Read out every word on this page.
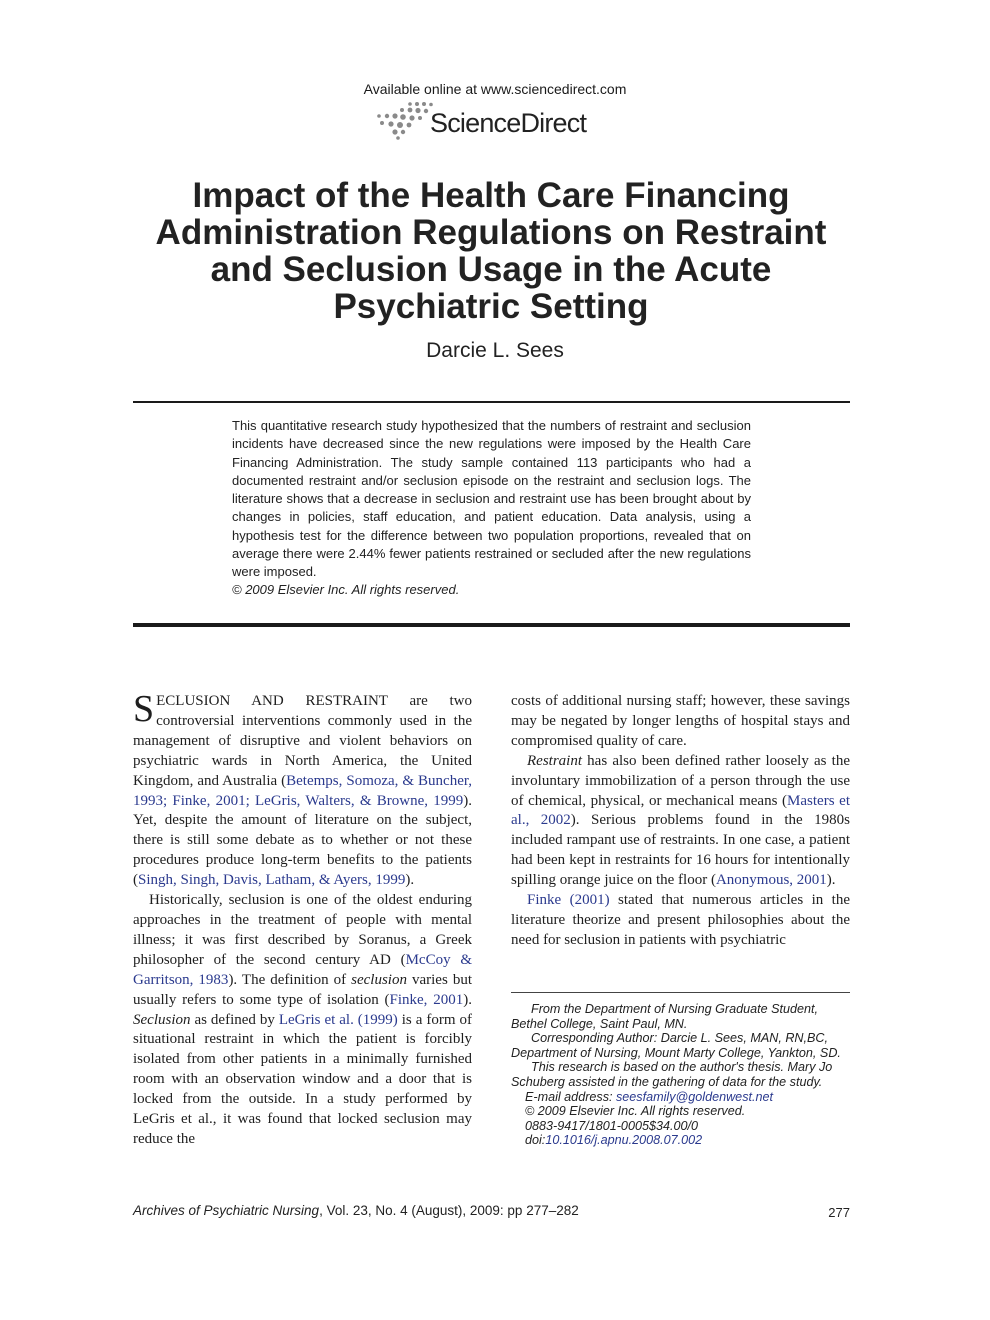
Available online at www.sciencedirect.com
ScienceDirect
Impact of the Health Care Financing Administration Regulations on Restraint and Seclusion Usage in the Acute Psychiatric Setting
Darcie L. Sees

This quantitative research study hypothesized that the numbers of restraint and seclusion incidents have decreased since the new regulations were imposed by the Health Care Financing Administration. The study sample contained 113 participants who had a documented restraint and/or seclusion episode on the restraint and seclusion logs. The literature shows that a decrease in seclusion and restraint use has been brought about by changes in policies, staff education, and patient education. Data analysis, using a hypothesis test for the difference between two population proportions, revealed that on average there were 2.44% fewer patients restrained or secluded after the new regulations were imposed.

© 2009 Elsevier Inc. All rights reserved.

SECLUSION AND RESTRAINT are two controversial interventions commonly used in the management of disruptive and violent behaviors on psychiatric wards in North America, the United Kingdom, and Australia (Betemps, Somoza, & Buncher, 1993; Finke, 2001; LeGris, Walters, & Browne, 1999). Yet, despite the amount of literature on the subject, there is still some debate as to whether or not these procedures produce long-term benefits to the patients (Singh, Singh, Davis, Latham, & Ayers, 1999).

Historically, seclusion is one of the oldest enduring approaches in the treatment of people with mental illness; it was first described by Soranus, a Greek philosopher of the second century AD (McCoy & Garritson, 1983). The definition of seclusion varies but usually refers to some type of isolation (Finke, 2001). Seclusion as defined by LeGris et al. (1999) is a form of situational restraint in which the patient is forcibly isolated from other patients in a minimally furnished room with an observation window and a door that is locked from the outside. In a study performed by LeGris et al., it was found that locked seclusion may reduce the

costs of additional nursing staff; however, these savings may be negated by longer lengths of hospital stays and compromised quality of care.

Restraint has also been defined rather loosely as the involuntary immobilization of a person through the use of chemical, physical, or mechanical means (Masters et al., 2002). Serious problems found in the 1980s included rampant use of restraints. In one case, a patient had been kept in restraints for 16 hours for intentionally spilling orange juice on the floor (Anonymous, 2001).

Finke (2001) stated that numerous articles in the literature theorize and present philosophies about the need for seclusion in patients with psychiatric

From the Department of Nursing Graduate Student, Bethel College, Saint Paul, MN.

Corresponding Author: Darcie L. Sees, MAN, RN,BC, Department of Nursing, Mount Marty College, Yankton, SD.

This research is based on the author's thesis. Mary Jo Schuberg assisted in the gathering of data for the study.

E-mail address: seesfamily@goldenwest.net

© 2009 Elsevier Inc. All rights reserved.

0883-9417/1801-0005$34.00/0

doi:10.1016/j.apnu.2008.07.002

Archives of Psychiatric Nursing, Vol. 23, No. 4 (August), 2009: pp 277–282	277
